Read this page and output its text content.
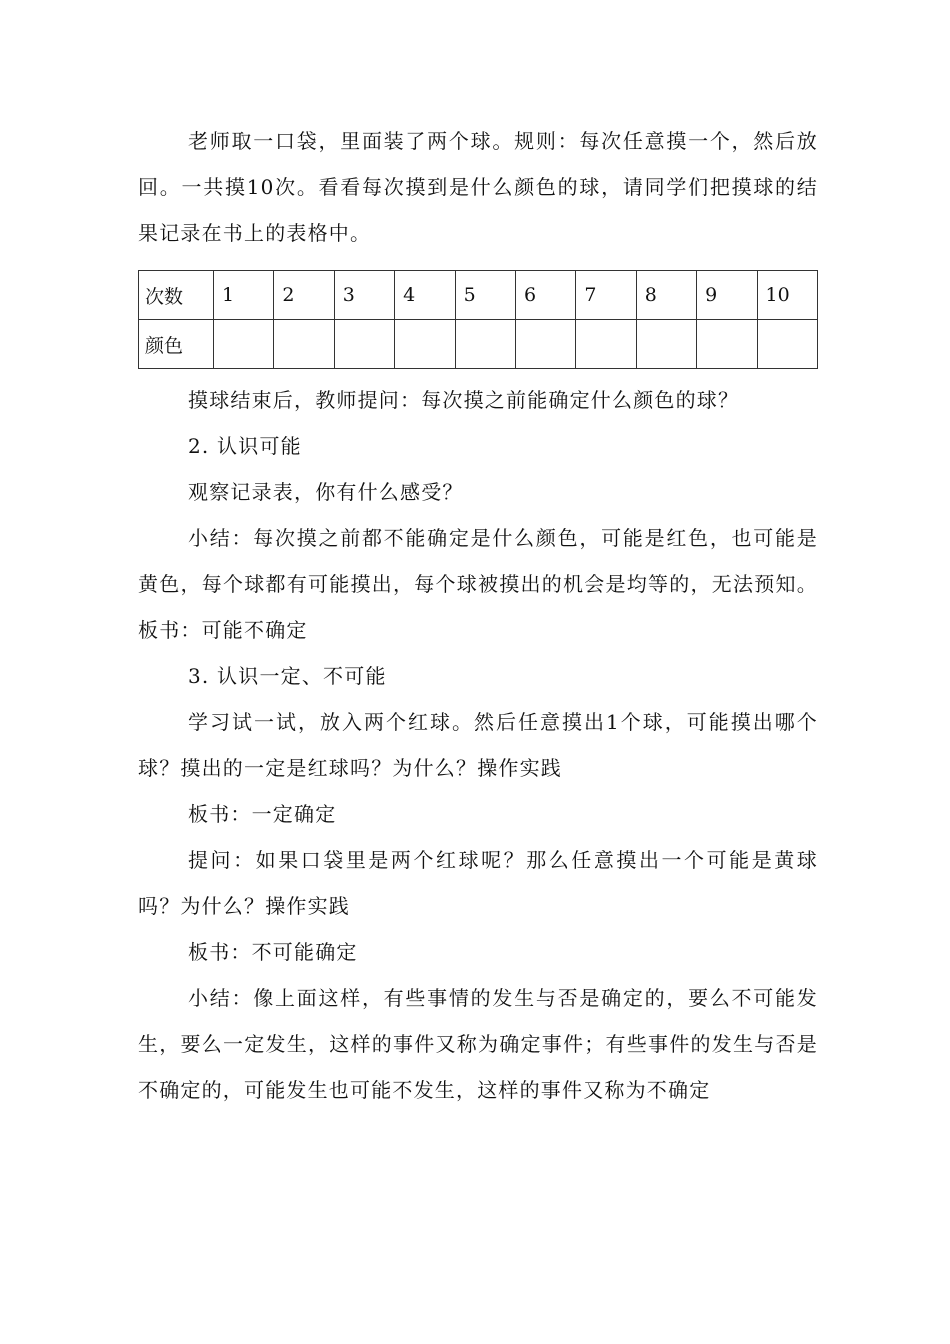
老师取一口袋，里面装了两个球。规则：每次任意摸一个，然后放回。一共摸10次。看看每次摸到是什么颜色的球，请同学们把摸球的结果记录在书上的表格中。

次数	1	2	3	4	5	6	7	8	9	10
颜色										

摸球结束后，教师提问：每次摸之前能确定什么颜色的球？

2. 认识可能

观察记录表，你有什么感受？

小结：每次摸之前都不能确定是什么颜色，可能是红色，也可能是黄色，每个球都有可能摸出，每个球被摸出的机会是均等的，无法预知。板书：可能不确定

3. 认识一定、不可能

学习试一试，放入两个红球。然后任意摸出1个球，可能摸出哪个球？摸出的一定是红球吗？为什么？操作实践

板书：一定确定

提问：如果口袋里是两个红球呢？那么任意摸出一个可能是黄球吗？为什么？操作实践

板书：不可能确定

小结：像上面这样，有些事情的发生与否是确定的，要么不可能发生，要么一定发生，这样的事件又称为确定事件；有些事件的发生与否是不确定的，可能发生也可能不发生，这样的事件又称为不确定
